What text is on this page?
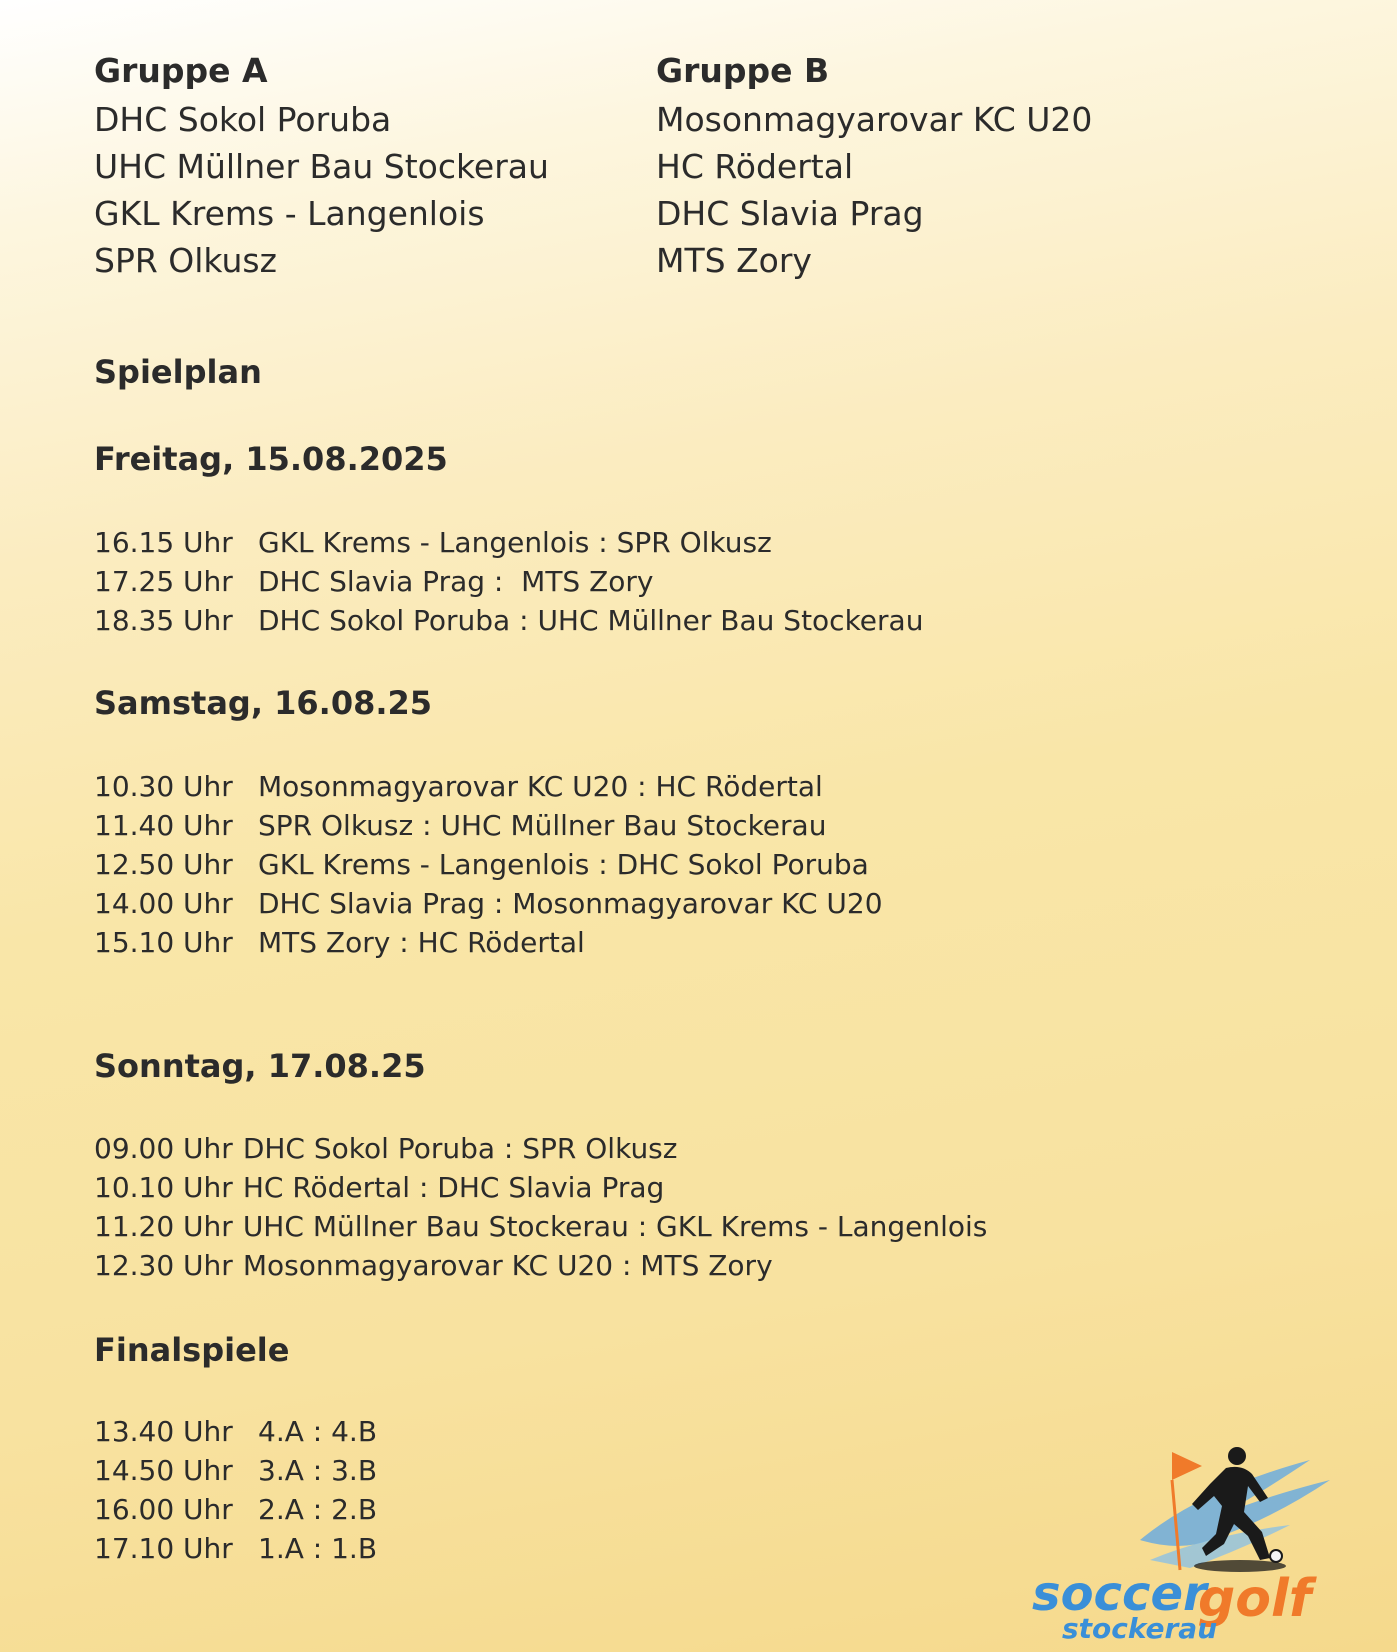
Gruppe A
DHC Sokol Poruba
UHC Müllner Bau Stockerau
GKL Krems - Langenlois
SPR Olkusz
Gruppe B
Mosonmagyarovar KC U20
HC Rödertal
DHC Slavia Prag
MTS Zory
Spielplan
Freitag, 15.08.2025
16.15 Uhr GKL Krems - Langenlois : SPR Olkusz
17.25 Uhr DHC Slavia Prag :  MTS Zory
18.35 Uhr DHC Sokol Poruba : UHC Müllner Bau Stockerau
Samstag, 16.08.25
10.30 Uhr Mosonmagyarovar KC U20 : HC Rödertal
11.40 Uhr SPR Olkusz : UHC Müllner Bau Stockerau
12.50 Uhr GKL Krems - Langenlois : DHC Sokol Poruba
14.00 Uhr DHC Slavia Prag : Mosonmagyarovar KC U20
15.10 Uhr MTS Zory : HC Rödertal
Sonntag, 17.08.25
09.00 Uhr DHC Sokol Poruba : SPR Olkusz
10.10 Uhr HC Rödertal : DHC Slavia Prag
11.20 Uhr UHC Müllner Bau Stockerau : GKL Krems - Langenlois
12.30 Uhr Mosonmagyarovar KC U20 : MTS Zory
Finalspiele
13.40 Uhr 4.A : 4.B
14.50 Uhr 3.A : 3.B
16.00 Uhr 2.A : 2.B
17.10 Uhr 1.A : 1.B
soccer
golf
stockerau
